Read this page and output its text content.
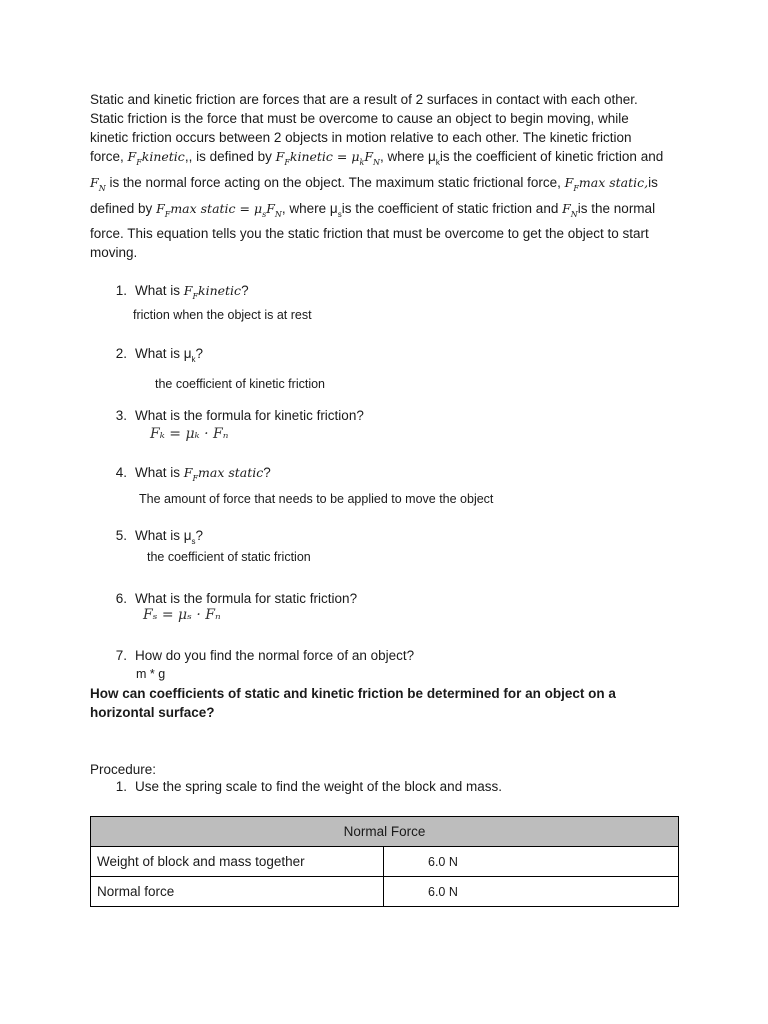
Static and kinetic friction are forces that are a result of 2 surfaces in contact with each other.
Static friction is the force that must be overcome to cause an object to begin moving, while
kinetic friction occurs between 2 objects in motion relative to each other. The kinetic friction
force, $F_Fkinetic$,, is defined by $F_Fkinetic = \mu_kF_N$, where $\mu_kis$ the coefficient of kinetic friction and
$F_N$ is the normal force acting on the object. The maximum static frictional force, $F_F\max$ static,is
defined by $F_F\max$ static = $\mu_sF_N$, where $\mu_sis$ the coefficient of static friction and $F_Nis$ the normal
force. This equation tells you the static friction that must be overcome to get the object to start
moving.
1. What is $F_Fkinetic$?
friction when the object is at rest
2. What is $\mu_k$?
the coefficient of kinetic friction
3. What is the formula for kinetic friction?
Fₖ = μₖ · Fₙ
4. What is $F_F\max$ static?
The amount of force that needs to be applied to move the object
5. What is $\mu_s$?
the coefficient of static friction
6. What is the formula for static friction?
Fₛ = μₛ · Fₙ
7. How do you find the normal force of an object?
m * g
How can coefficients of static and kinetic friction be determined for an object on a
horizontal surface?
Procedure:
1. Use the spring scale to find the weight of the block and mass.
Normal Force	
Weight of block and mass together	6.0 N
Normal force	6.0 N
